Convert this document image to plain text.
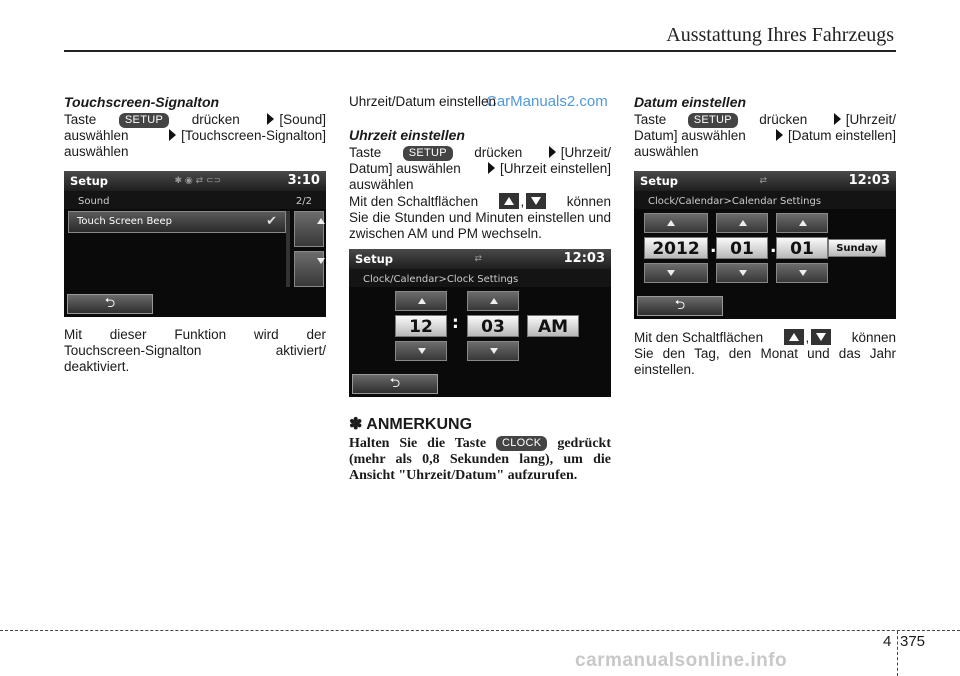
Ausstattung Ihres Fahrzeugs
CarManuals2.com
Touchscreen-Signalton
Taste	SETUP	drücken	[Sound]
auswählen	[Touchscreen-Signalton]
auswählen
Setup	✱ ◉ ⇄ ⊂⊃	3:10
Sound	2/2
Touch Screen Beep	✔
⮌
Mit dieser Funktion wird der
Touchscreen-Signalton	aktiviert/
deaktiviert.
Uhrzeit/Datum einstellen
Uhrzeit einstellen
Taste	SETUP	drücken	[Uhrzeit/
Datum] auswählen	[Uhrzeit einstellen]
auswählen
Mit den Schaltflächen	,	können
Sie die Stunden und Minuten einstellen und zwischen AM und PM wechseln.
Setup	⇄	12:03
Clock/Calendar>Clock Settings
12	:	03	AM
⮌
✽ ANMERKUNG
Halten Sie die Taste CLOCK gedrückt (mehr als 0,8 Sekunden lang), um die Ansicht "Uhrzeit/Datum" aufzurufen.
Datum einstellen
Taste	SETUP	drücken	[Uhrzeit/
Datum] auswählen	[Datum einstellen]
auswählen
Setup	⇄	12:03
Clock/Calendar>Calendar Settings
2012 . 01 . 01	Sunday
⮌
Mit den Schaltflächen	,	können
Sie den Tag, den Monat und das Jahr einstellen.
4 375
carmanualsonline.info
